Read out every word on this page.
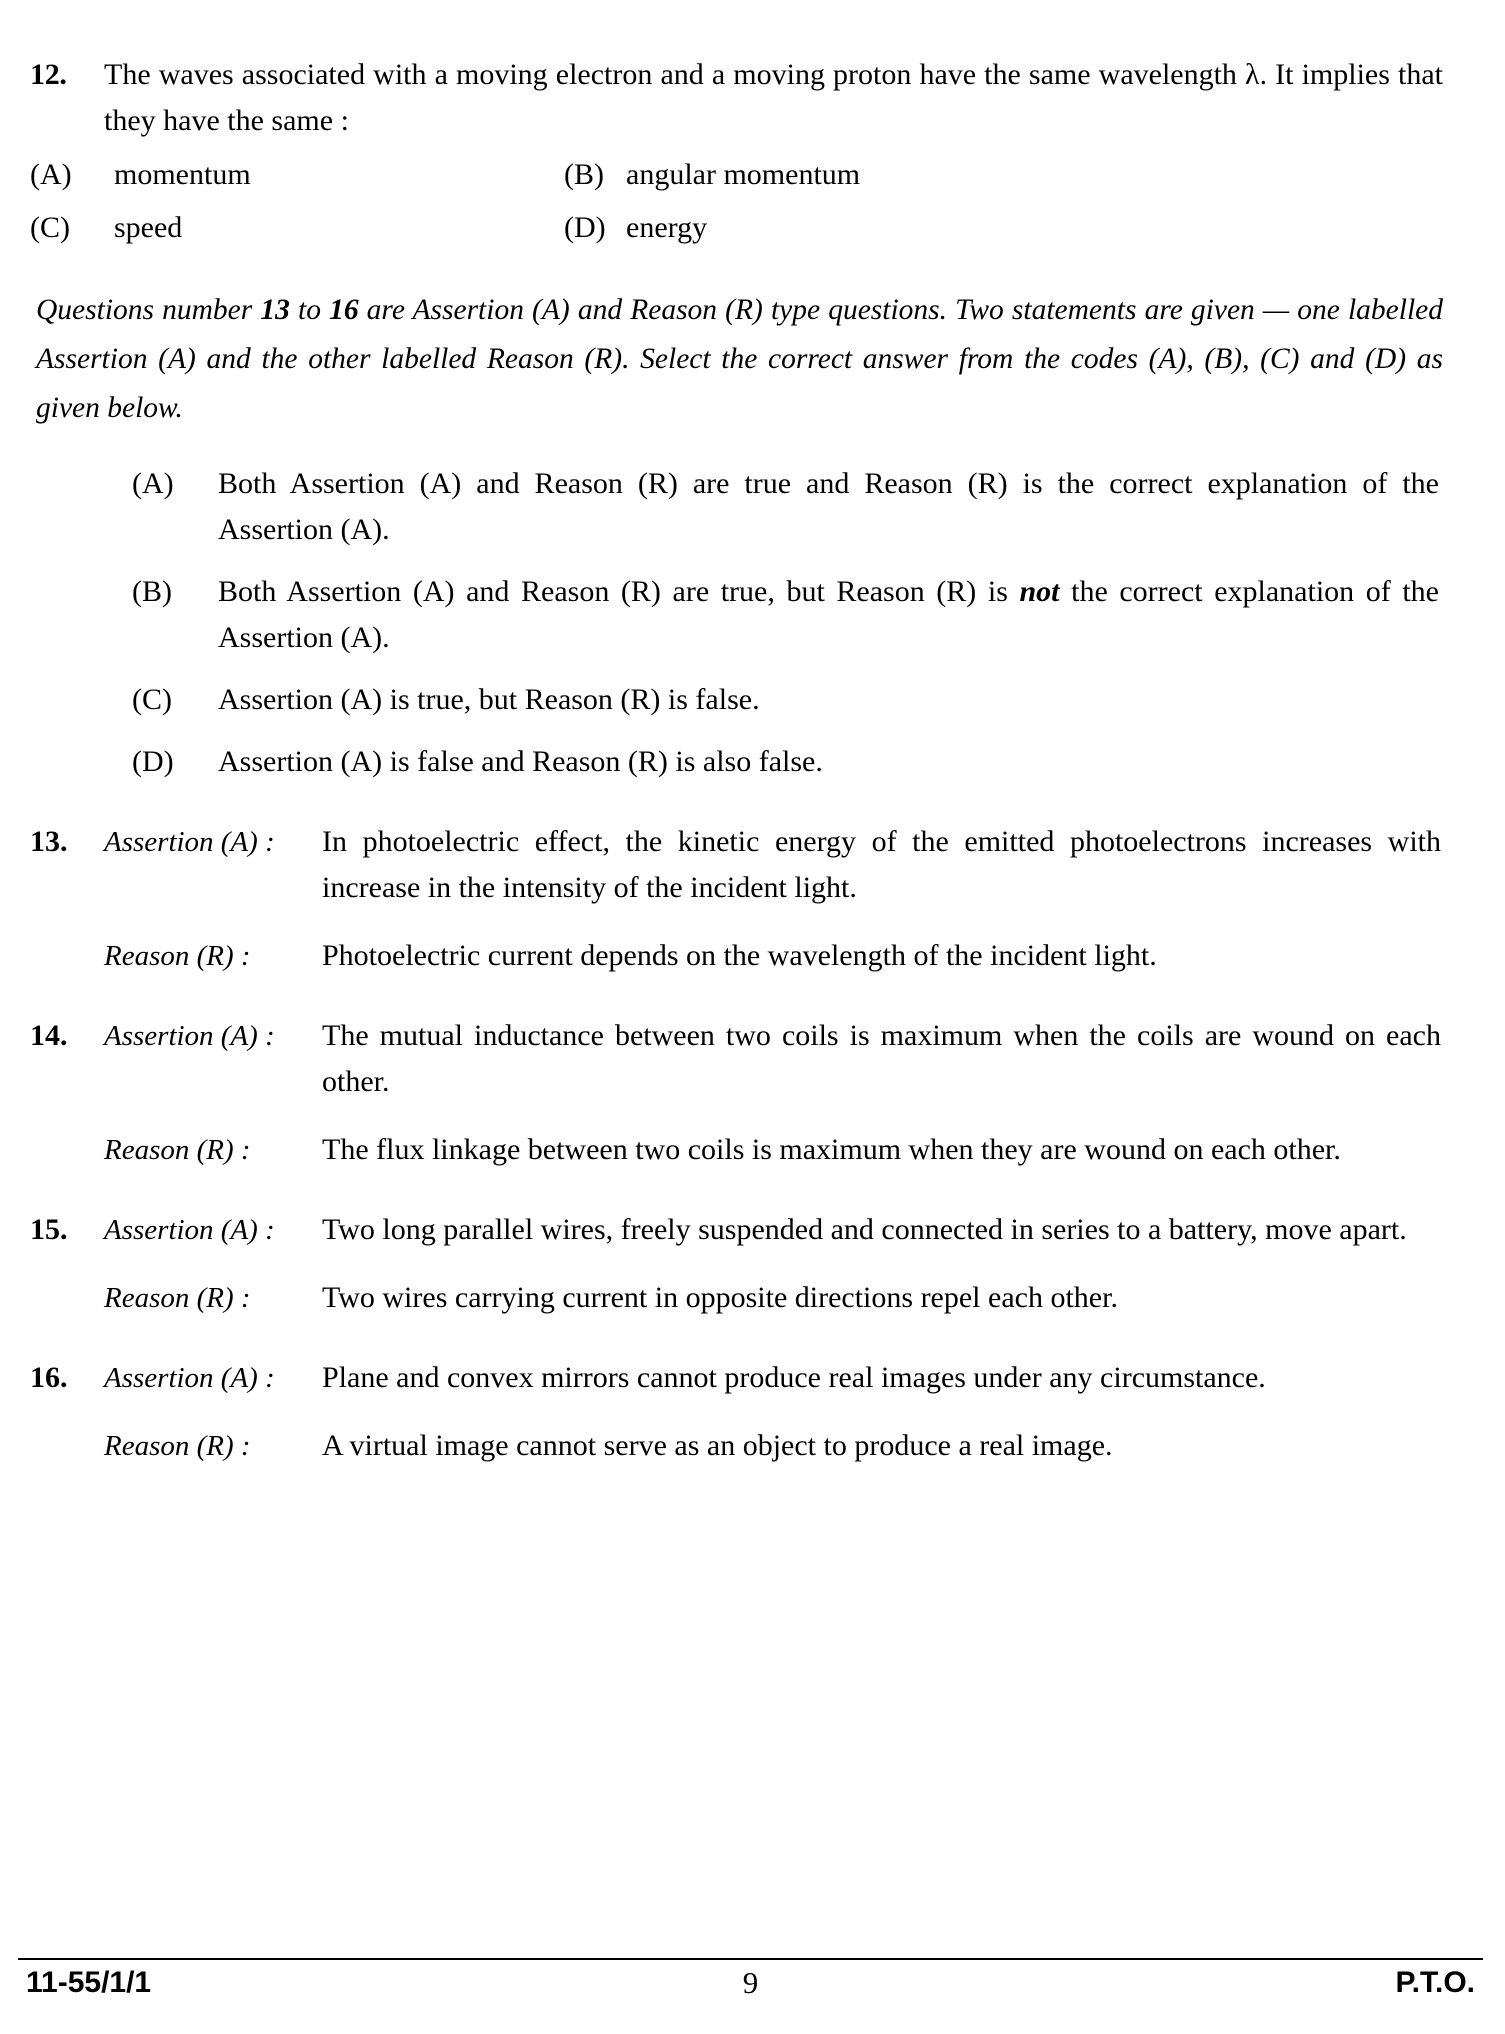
12.	The waves associated with a moving electron and a moving proton have the same wavelength λ. It implies that they have the same :
(A)	momentum	(B) angular momentum
(C)	speed	(D) energy
Questions number 13 to 16 are Assertion (A) and Reason (R) type questions. Two statements are given — one labelled Assertion (A) and the other labelled Reason (R). Select the correct answer from the codes (A), (B), (C) and (D) as given below.
(A)	Both Assertion (A) and Reason (R) are true and Reason (R) is the correct explanation of the Assertion (A).
(B)	Both Assertion (A) and Reason (R) are true, but Reason (R) is not the correct explanation of the Assertion (A).
(C)	Assertion (A) is true, but Reason (R) is false.
(D)	Assertion (A) is false and Reason (R) is also false.
13.	Assertion (A) :	In photoelectric effect, the kinetic energy of the emitted photoelectrons increases with increase in the intensity of the incident light.
Reason (R) :	Photoelectric current depends on the wavelength of the incident light.
14.	Assertion (A) :	The mutual inductance between two coils is maximum when the coils are wound on each other.
Reason (R) :	The flux linkage between two coils is maximum when they are wound on each other.
15.	Assertion (A) :	Two long parallel wires, freely suspended and connected in series to a battery, move apart.
Reason (R) :	Two wires carrying current in opposite directions repel each other.
16.	Assertion (A) :	Plane and convex mirrors cannot produce real images under any circumstance.
Reason (R) :	A virtual image cannot serve as an object to produce a real image.
11-55/1/1	9	P.T.O.
